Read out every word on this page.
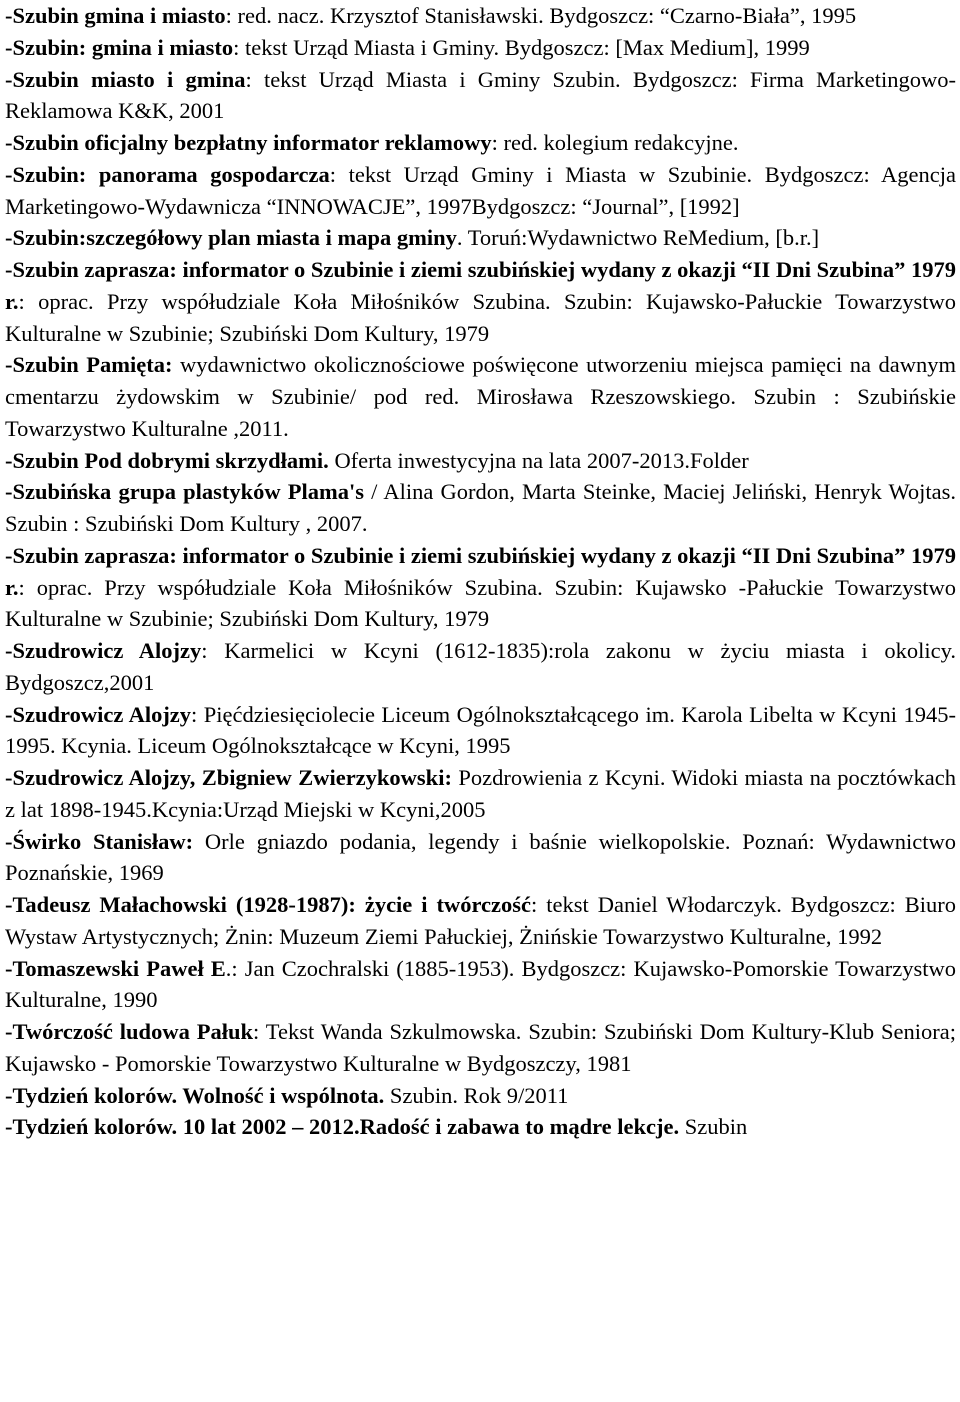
-Szubin gmina i miasto: red. nacz. Krzysztof Stanisławski. Bydgoszcz: “Czarno-Biała”, 1995

-Szubin: gmina i miasto: tekst Urząd Miasta i Gminy. Bydgoszcz: [Max Medium], 1999

-Szubin miasto i gmina: tekst Urząd Miasta i Gminy Szubin. Bydgoszcz: Firma Marketingowo-Reklamowa K&K, 2001

-Szubin oficjalny bezpłatny informator reklamowy: red. kolegium redakcyjne.

-Szubin: panorama gospodarcza: tekst Urząd Gminy i Miasta w Szubinie. Bydgoszcz: Agencja Marketingowo-Wydawnicza “INNOWACJE”, 1997Bydgoszcz: “Journal”, [1992]

-Szubin:szczegółowy plan miasta i mapa gminy. Toruń:Wydawnictwo ReMedium, [b.r.]

-Szubin zaprasza: informator o Szubinie i ziemi szubińskiej wydany z okazji “II Dni Szubina” 1979 r.: oprac. Przy współudziale Koła Miłośników Szubina. Szubin: Kujawsko-Pałuckie Towarzystwo Kulturalne w Szubinie; Szubiński Dom Kultury, 1979

-Szubin Pamięta: wydawnictwo okolicznościowe poświęcone utworzeniu miejsca pamięci na dawnym cmentarzu żydowskim w Szubinie/ pod red. Mirosława Rzeszowskiego. Szubin : Szubińskie Towarzystwo Kulturalne ,2011.

-Szubin Pod dobrymi skrzydłami. Oferta inwestycyjna na lata 2007-2013.Folder

-Szubińska grupa plastyków Plama's / Alina Gordon, Marta Steinke, Maciej Jeliński, Henryk Wojtas. Szubin : Szubiński Dom Kultury , 2007.

-Szubin zaprasza: informator o Szubinie i ziemi szubińskiej wydany z okazji “II Dni Szubina” 1979 r.: oprac. Przy współudziale Koła Miłośników Szubina. Szubin: Kujawsko -Pałuckie Towarzystwo Kulturalne w Szubinie; Szubiński Dom Kultury, 1979

-Szudrowicz Alojzy: Karmelici w Kcyni (1612-1835):rola zakonu w życiu miasta i okolicy. Bydgoszcz,2001

-Szudrowicz Alojzy: Pięćdziesięciolecie Liceum Ogólnokształcącego im. Karola Libelta w Kcyni 1945-1995. Kcynia. Liceum Ogólnokształcące w Kcyni, 1995

-Szudrowicz Alojzy, Zbigniew Zwierzykowski: Pozdrowienia z Kcyni. Widoki miasta na pocztówkach z lat 1898-1945.Kcynia:Urząd Miejski w Kcyni,2005

-Świrko Stanisław: Orle gniazdo podania, legendy i baśnie wielkopolskie. Poznań: Wydawnictwo Poznańskie, 1969

-Tadeusz Małachowski (1928-1987): życie i twórczość: tekst Daniel Włodarczyk. Bydgoszcz: Biuro Wystaw Artystycznych; Żnin: Muzeum Ziemi Pałuckiej, Żnińskie Towarzystwo Kulturalne, 1992

-Tomaszewski Paweł E.: Jan Czochralski (1885-1953). Bydgoszcz: Kujawsko-Pomorskie Towarzystwo Kulturalne, 1990

-Twórczość ludowa Pałuk: Tekst Wanda Szkulmowska. Szubin: Szubiński Dom Kultury-Klub Seniora; Kujawsko - Pomorskie Towarzystwo Kulturalne w Bydgoszczy, 1981

-Tydzień kolorów. Wolność i wspólnota. Szubin. Rok 9/2011

-Tydzień kolorów. 10 lat 2002 – 2012.Radość i zabawa to mądre lekcje. Szubin
